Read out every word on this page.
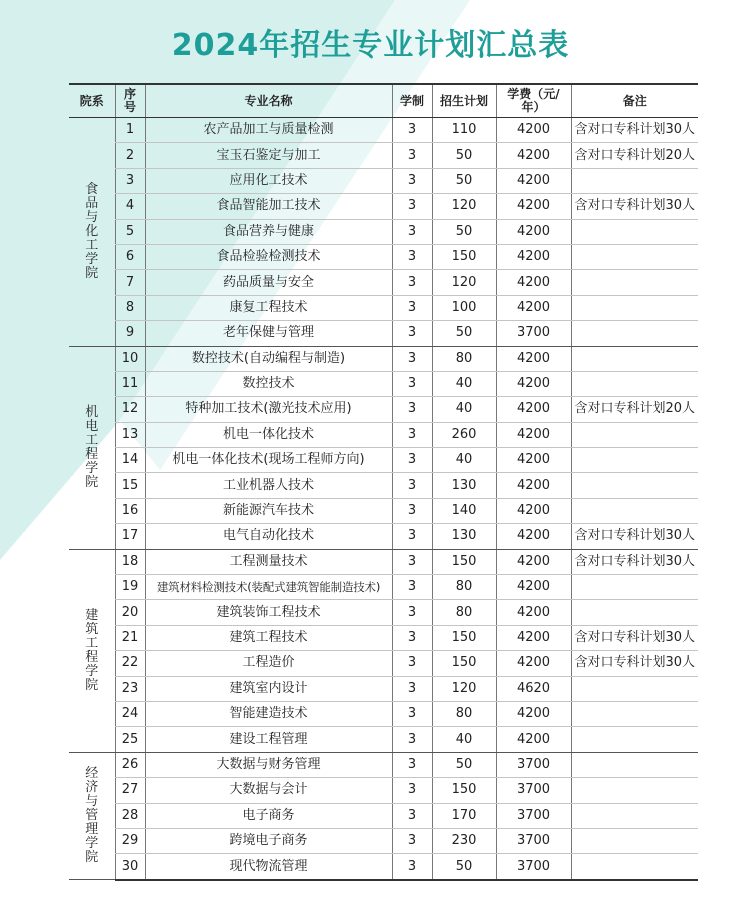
2024年招生专业计划汇总表
院系	序号	专业名称	学制	招生计划	学费（元/年）	备注
食品与化工学院	1	农产品加工与质量检测	3	110	4200	含对口专科计划30人
	2	宝玉石鉴定与加工	3	50	4200	含对口专科计划20人
	3	应用化工技术	3	50	4200	
	4	食品智能加工技术	3	120	4200	含对口专科计划30人
	5	食品营养与健康	3	50	4200	
	6	食品检验检测技术	3	150	4200	
	7	药品质量与安全	3	120	4200	
	8	康复工程技术	3	100	4200	
	9	老年保健与管理	3	50	3700	
机电工程学院	10	数控技术(自动编程与制造)	3	80	4200	
	11	数控技术	3	40	4200	
	12	特种加工技术(激光技术应用)	3	40	4200	含对口专科计划20人
	13	机电一体化技术	3	260	4200	
	14	机电一体化技术(现场工程师方向)	3	40	4200	
	15	工业机器人技术	3	130	4200	
	16	新能源汽车技术	3	140	4200	
	17	电气自动化技术	3	130	4200	含对口专科计划30人
建筑工程学院	18	工程测量技术	3	150	4200	含对口专科计划30人
	19	建筑材料检测技术(装配式建筑智能制造技术)	3	80	4200	
	20	建筑装饰工程技术	3	80	4200	
	21	建筑工程技术	3	150	4200	含对口专科计划30人
	22	工程造价	3	150	4200	含对口专科计划30人
	23	建筑室内设计	3	120	4620	
	24	智能建造技术	3	80	4200	
	25	建设工程管理	3	40	4200	
经济与管理学院	26	大数据与财务管理	3	50	3700	
	27	大数据与会计	3	150	3700	
	28	电子商务	3	170	3700	
	29	跨境电子商务	3	230	3700	
	30	现代物流管理	3	50	3700	
